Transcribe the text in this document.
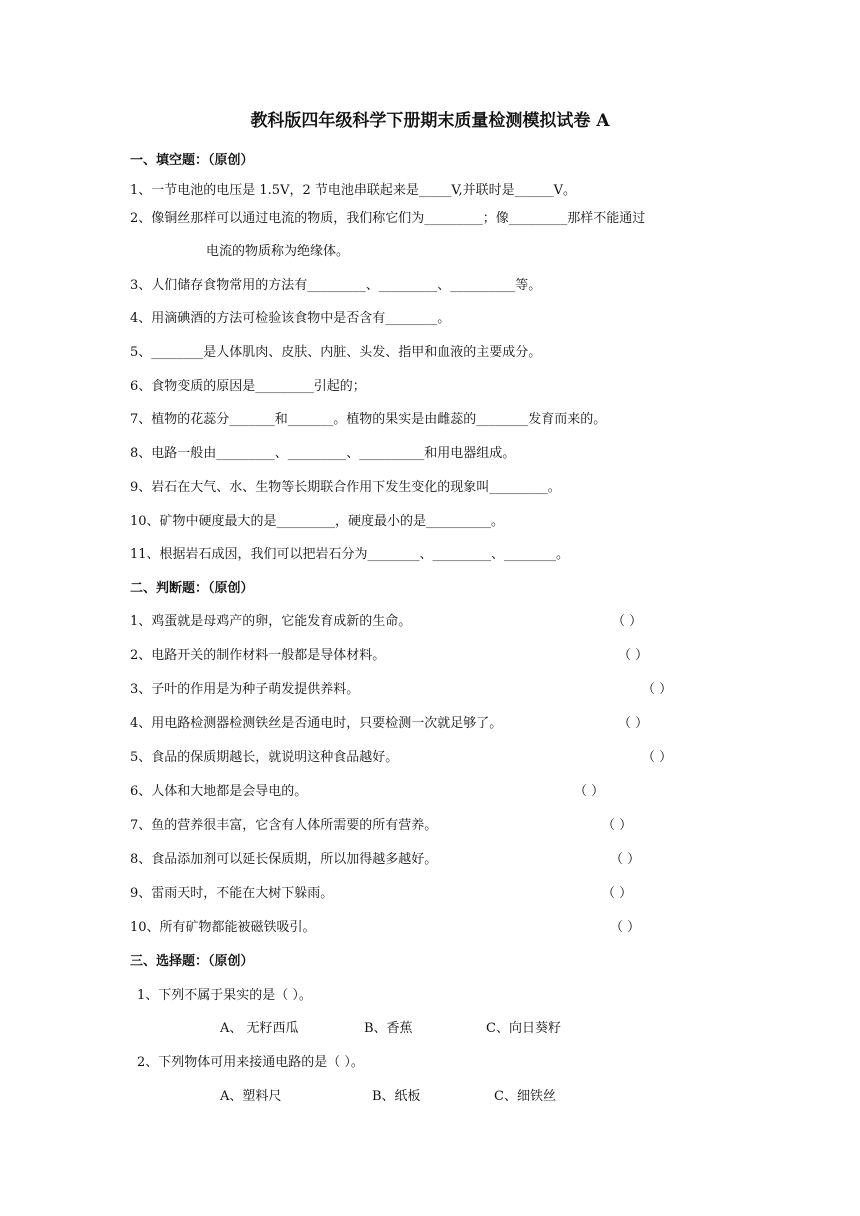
教科版四年级科学下册期末质量检测模拟试卷 A
一、填空题：（原创）
1、一节电池的电压是 1.5V，2 节电池串联起来是_____V,并联时是______V。
2、像铜丝那样可以通过电流的物质，我们称它们为_________；像_________那样不能通过
电流的物质称为绝缘体。
3、人们储存食物常用的方法有_________、_________、__________等。
4、用滴碘酒的方法可检验该食物中是否含有________。
5、________是人体肌肉、皮肤、内脏、头发、指甲和血液的主要成分。
6、食物变质的原因是_________引起的；
7、植物的花蕊分_______和_______。植物的果实是由雌蕊的________发育而来的。
8、电路一般由_________、_________、__________和用电器组成。
9、岩石在大气、水、生物等长期联合作用下发生变化的现象叫_________。
10、矿物中硬度最大的是_________，硬度最小的是__________。
11、根据岩石成因，我们可以把岩石分为________、_________、________。
二、判断题：（原创）
1、鸡蛋就是母鸡产的卵，它能发育成新的生命。	（ ）
2、电路开关的制作材料一般都是导体材料。	（ ）
3、子叶的作用是为种子萌发提供养料。	（ ）
4、用电路检测器检测铁丝是否通电时，只要检测一次就足够了。	（ ）
5、食品的保质期越长，就说明这种食品越好。	（ ）
6、人体和大地都是会导电的。	（ ）
7、鱼的营养很丰富，它含有人体所需要的所有营养。	（ ）
8、食品添加剂可以延长保质期，所以加得越多越好。	（ ）
9、雷雨天时，不能在大树下躲雨。	（ ）
10、所有矿物都能被磁铁吸引。	（ ）
三、选择题：（原创）
1、下列不属于果实的是（ ）。
A、 无籽西瓜	B、香蕉	C、向日葵籽
2、下列物体可用来接通电路的是（ ）。
A、塑料尺	B、纸板	C、细铁丝
